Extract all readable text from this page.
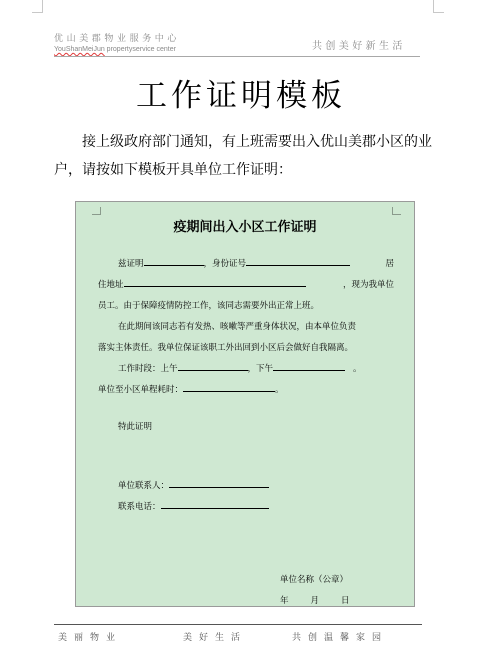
优山美郡物业服务中心
YouShanMeiJun propertyservice center	共创美好新生活
工作证明模板
接上级政府部门通知，有上班需要出入优山美郡小区的业户，请按如下模板开具单位工作证明：
疫期间出入小区工作证明
兹证明	，身份证号	居
住地址	，现为我单位
员工。由于保障疫情防控工作，该同志需要外出正常上班。
在此期间该同志若有发热、咳嗽等严重身体状况，由本单位负责
落实主体责任。我单位保证该职工外出回到小区后会做好自我隔离。
工作时段：上午	，下午	。
单位至小区单程耗时：	。
特此证明
单位联系人：
联系电话：
单位名称（公章）
年	月	日
美丽物业	美好生活	共创温馨家园
